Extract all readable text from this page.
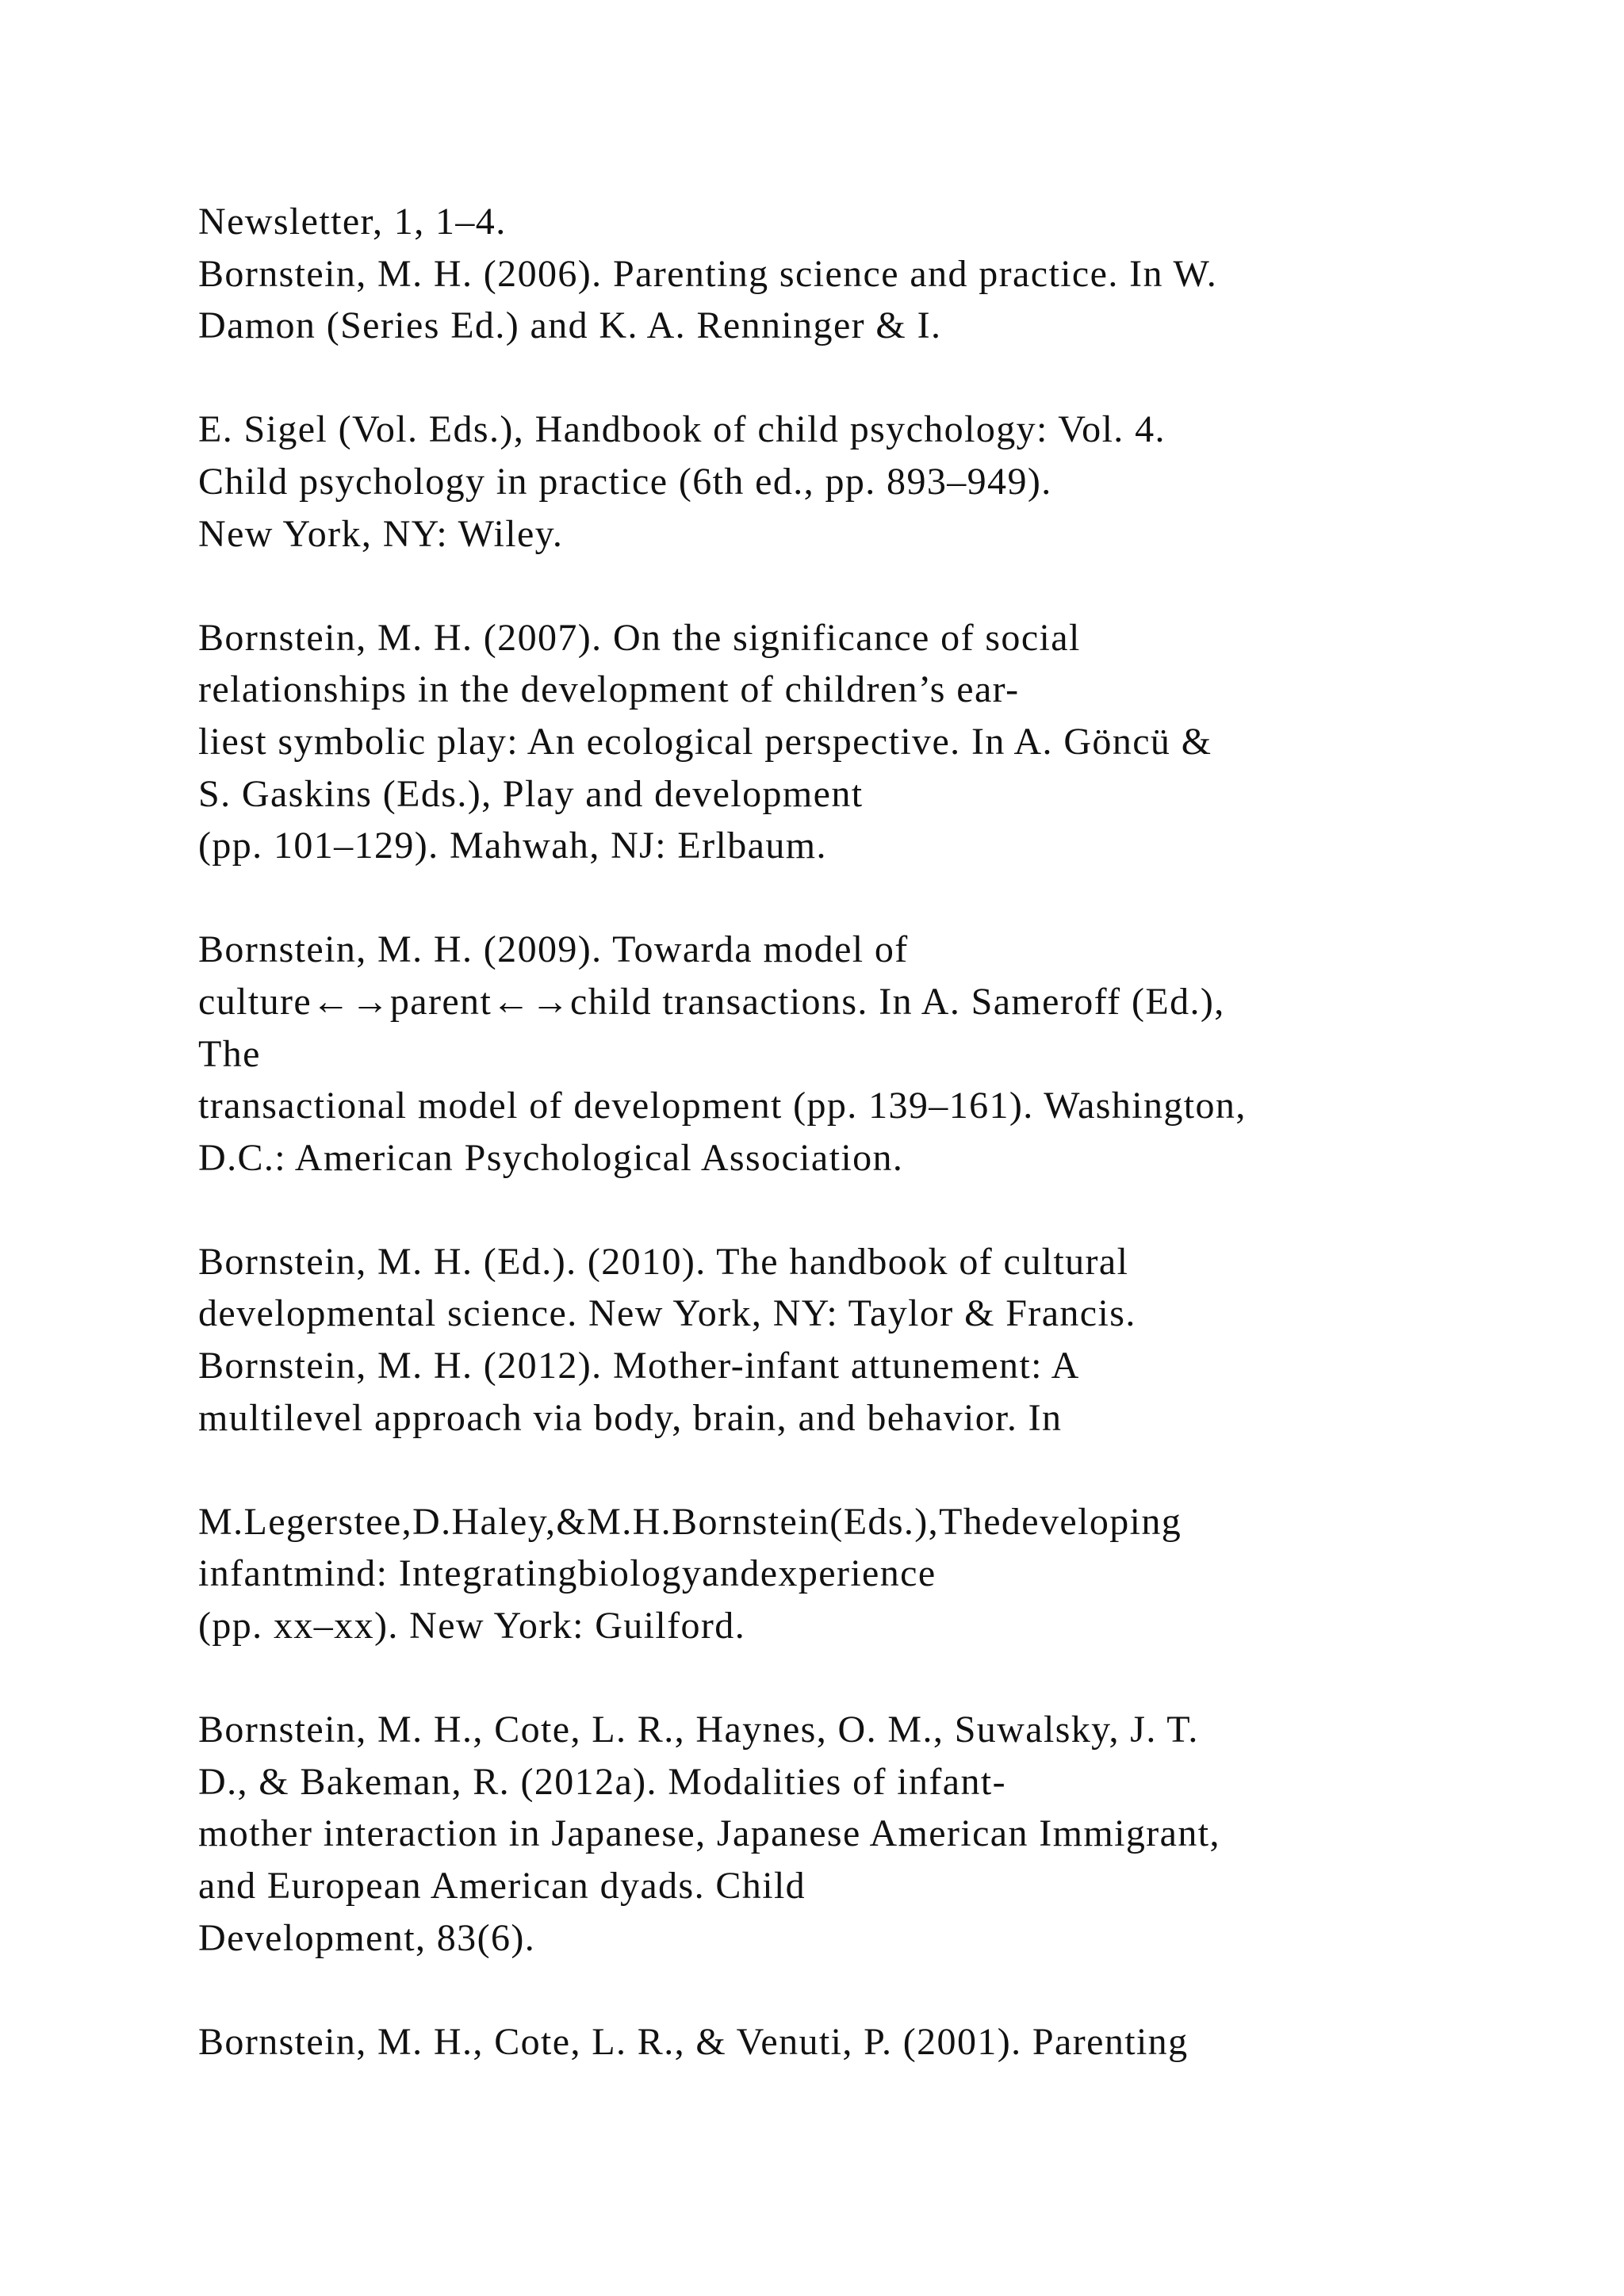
Newsletter, 1, 1–4.
Bornstein, M. H. (2006). Parenting science and practice. In W.
Damon (Series Ed.) and K. A. Renninger & I.
E. Sigel (Vol. Eds.), Handbook of child psychology: Vol. 4.
Child psychology in practice (6th ed., pp. 893–949).
New York, NY: Wiley.
Bornstein, M. H. (2007). On the significance of social
relationships in the development of children’s ear-
liest symbolic play: An ecological perspective. In A. Göncü &
S. Gaskins (Eds.), Play and development
(pp. 101–129). Mahwah, NJ: Erlbaum.
Bornstein, M. H. (2009). Towarda model of
culture←→parent←→child transactions. In A. Sameroff (Ed.),
The
transactional model of development (pp. 139–161). Washington,
D.C.: American Psychological Association.
Bornstein, M. H. (Ed.). (2010). The handbook of cultural
developmental science. New York, NY: Taylor & Francis.
Bornstein, M. H. (2012). Mother-infant attunement: A
multilevel approach via body, brain, and behavior. In
M.Legerstee,D.Haley,&M.H.Bornstein(Eds.),Thedeveloping
infantmind: Integratingbiologyandexperience
(pp. xx–xx). New York: Guilford.
Bornstein, M. H., Cote, L. R., Haynes, O. M., Suwalsky, J. T.
D., & Bakeman, R. (2012a). Modalities of infant-
mother interaction in Japanese, Japanese American Immigrant,
and European American dyads. Child
Development, 83(6).
Bornstein, M. H., Cote, L. R., & Venuti, P. (2001). Parenting
